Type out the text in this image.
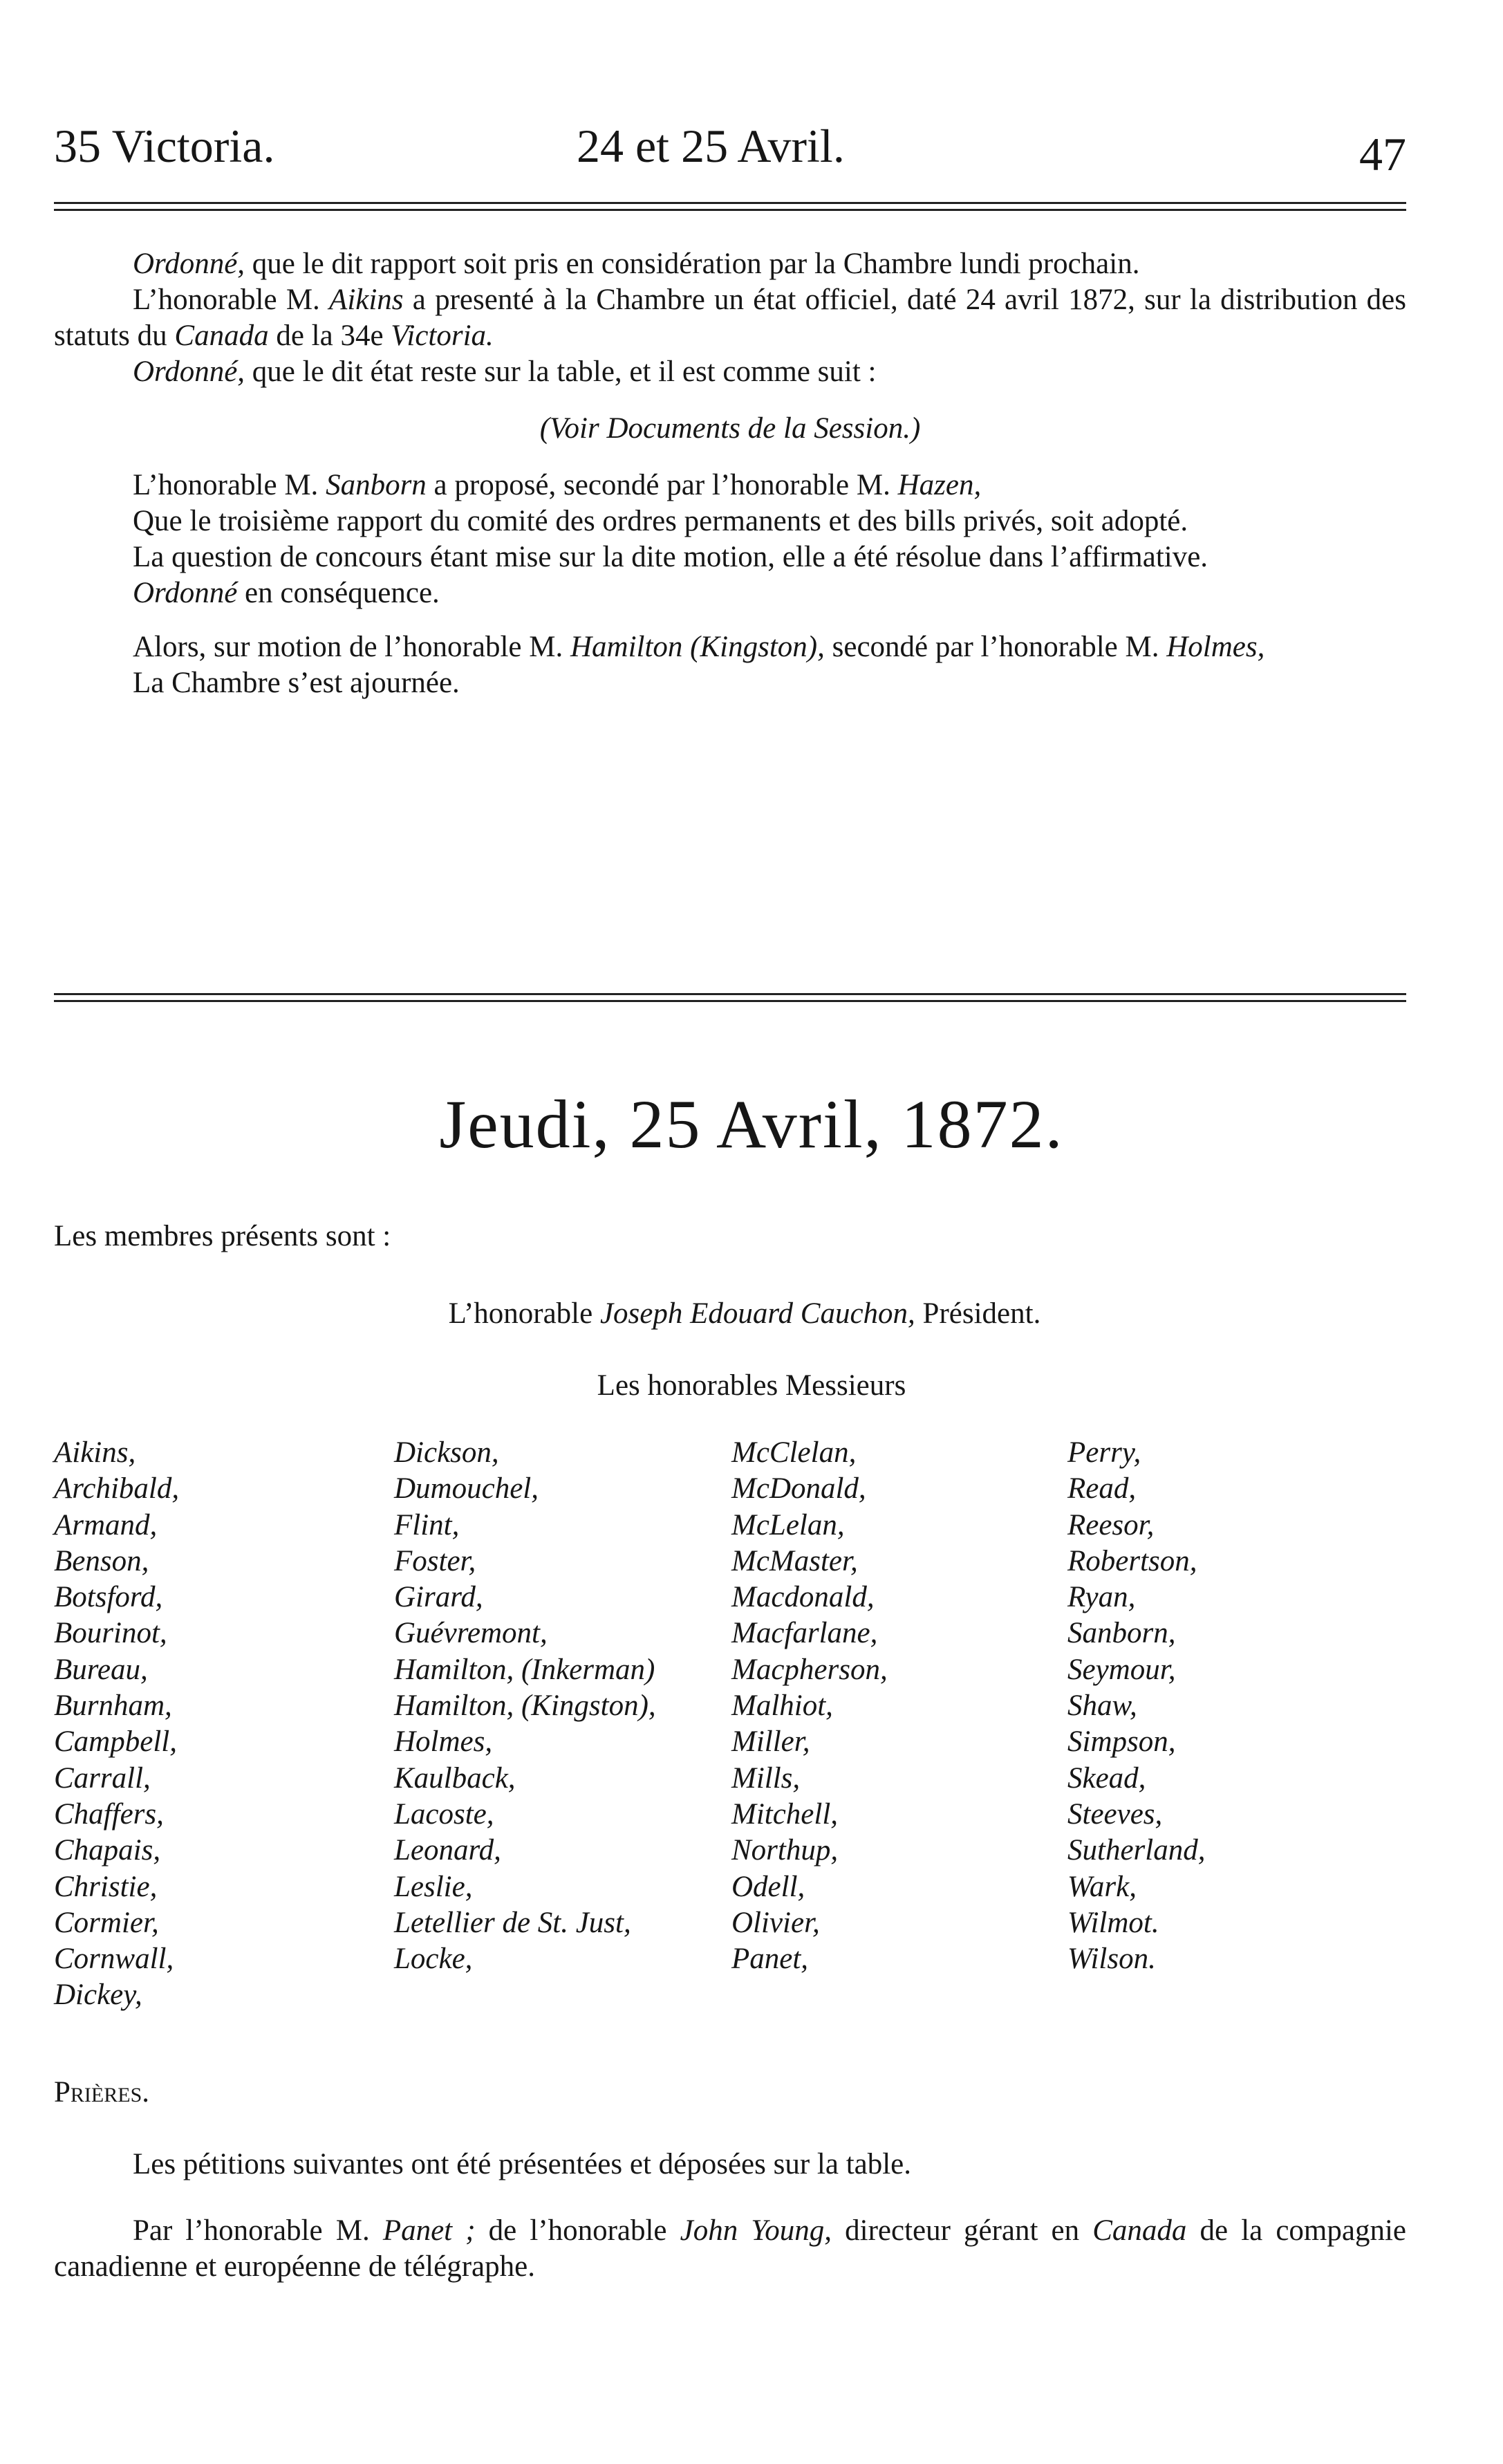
35 Victoria.	24 et 25 Avril.	47

Ordonné, que le dit rapport soit pris en considération par la Chambre lundi prochain.

L’honorable M. Aikins a presenté à la Chambre un état officiel, daté 24 avril 1872, sur la distribution des statuts du Canada de la 34e Victoria.

Ordonné, que le dit état reste sur la table, et il est comme suit :

(Voir Documents de la Session.)

L’honorable M. Sanborn a proposé, secondé par l’honorable M. Hazen,

Que le troisième rapport du comité des ordres permanents et des bills privés, soit adopté.

La question de concours étant mise sur la dite motion, elle a été résolue dans l’affirmative.

Ordonné en conséquence.

Alors, sur motion de l’honorable M. Hamilton (Kingston), secondé par l’honorable M. Holmes,

La Chambre s’est ajournée.

Jeudi, 25 Avril, 1872.
Les membres présents sont :
L’honorable Joseph Edouard Cauchon, Président.
Les honorables Messieurs
Aikins,
Archibald,
Armand,
Benson,
Botsford,
Bourinot,
Bureau,
Burnham,
Campbell,
Carrall,
Chaffers,
Chapais,
Christie,
Cormier,
Cornwall,
Dickey,
Dickson,
Dumouchel,
Flint,
Foster,
Girard,
Guévremont,
Hamilton, (Inkerman)
Hamilton, (Kingston),
Holmes,
Kaulback,
Lacoste,
Leonard,
Leslie,
Letellier de St. Just,
Locke,
McClelan,
McDonald,
McLelan,
McMaster,
Macdonald,
Macfarlane,
Macpherson,
Malhiot,
Miller,
Mills,
Mitchell,
Northup,
Odell,
Olivier,
Panet,
Perry,
Read,
Reesor,
Robertson,
Ryan,
Sanborn,
Seymour,
Shaw,
Simpson,
Skead,
Steeves,
Sutherland,
Wark,
Wilmot.
Wilson.
Prières.

Les pétitions suivantes ont été présentées et déposées sur la table.

Par l’honorable M. Panet ; de l’honorable John Young, directeur gérant en Canada de la compagnie canadienne et européenne de télégraphe.
